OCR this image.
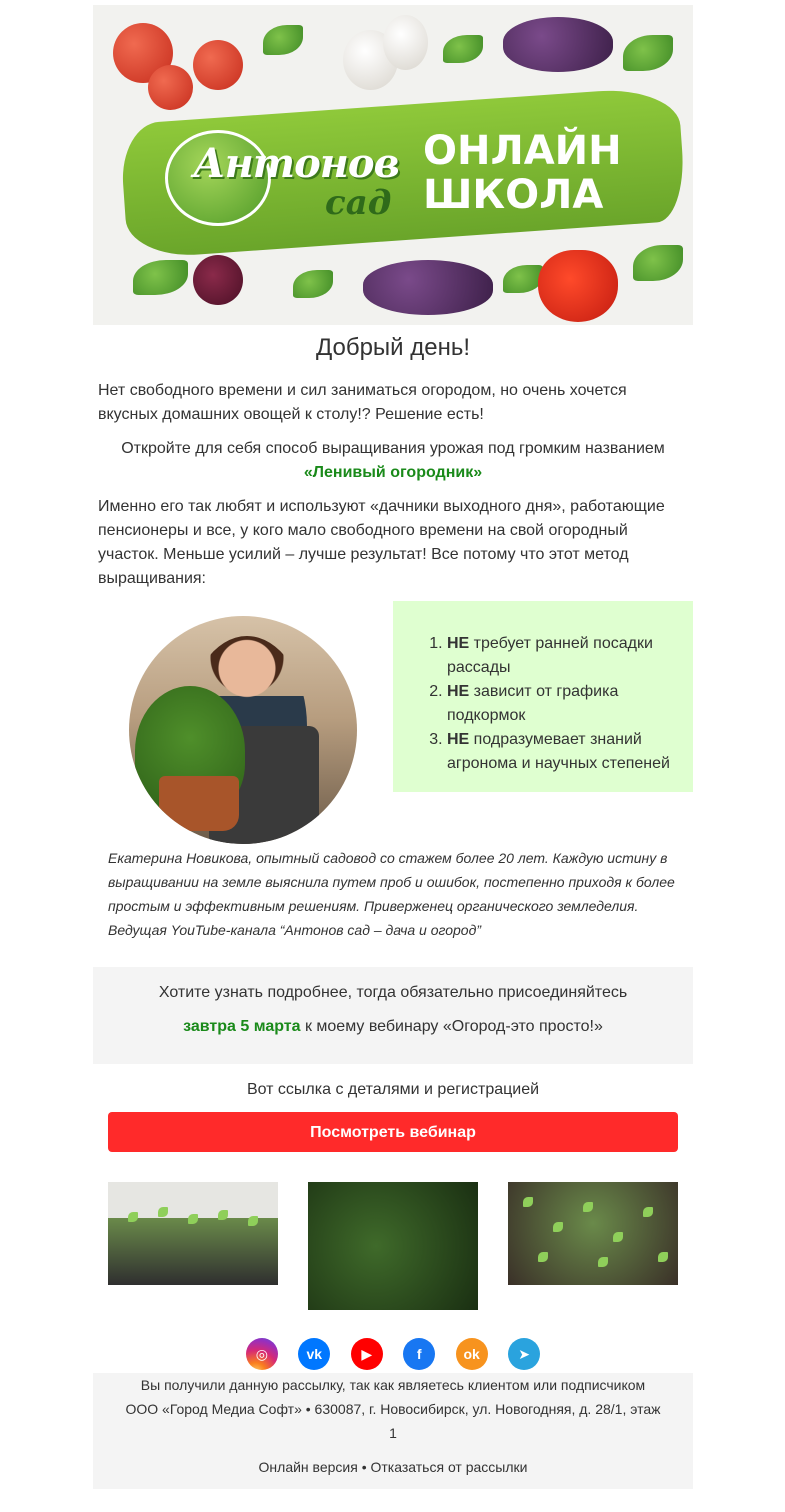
Антонов
сад
ОНЛАЙН
ШКОЛА
Добрый день!
Нет свободного времени и сил заниматься огородом, но очень хочется вкусных домашних овощей к столу!? Решение есть!
Откройте для себя способ выращивания урожая под громким названием
«Ленивый огородник»
Именно его так любят и используют «дачники выходного дня», работающие пенсионеры и все, у кого мало свободного времени на свой огородный участок. Меньше усилий – лучше результат! Все потому что этот метод выращивания:
1. НЕ требует ранней посадки рассады
2. НЕ зависит от графика подкормок
3. НЕ подразумевает знаний агронома и научных степеней
Екатерина Новикова, опытный садовод со стажем более 20 лет. Каждую истину в выращивании на земле выяснила путем проб и ошибок, постепенно приходя к более простым и эффективным решениям. Приверженец органического земледелия. Ведущая YouTube-канала “Антонов сад – дача и огород”
Хотите узнать подробнее, тогда обязательно присоединяйтесь
завтра 5 марта к моему вебинару «Огород-это просто!»
Вот ссылка с деталями и регистрацией
Посмотреть вебинар
◎	vk	▶	f	ok	➤
Вы получили данную рассылку, так как являетесь клиентом или подписчиком
ООО «Город Медиа Софт» • 630087, г. Новосибирск, ул. Новогодняя, д. 28/1, этаж 1
Онлайн версия • Отказаться от рассылки
